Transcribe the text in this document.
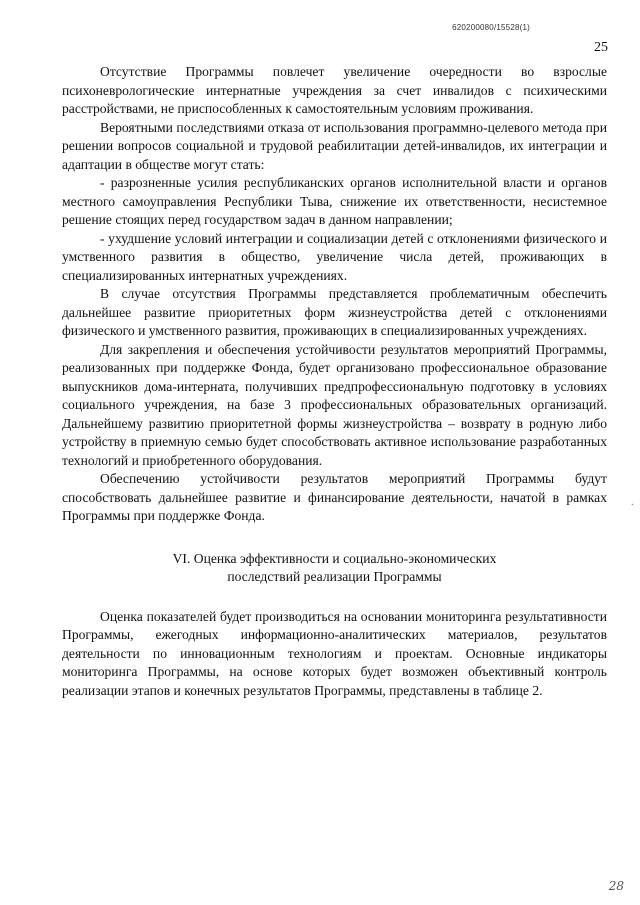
620200080/15528(1)
25

Отсутствие Программы повлечет увеличение очередности во взрослые психоневрологические интернатные учреждения за счет инвалидов с психическими расстройствами, не приспособленных к самостоятельным условиям проживания.

Вероятными последствиями отказа от использования программно-целевого метода при решении вопросов социальной и трудовой реабилитации детей-инвалидов, их интеграции и адаптации в обществе могут стать:

- разрозненные усилия республиканских органов исполнительной власти и органов местного самоуправления Республики Тыва, снижение их ответственности, несистемное решение стоящих перед государством задач в данном направлении;

- ухудшение условий интеграции и социализации детей с отклонениями физического и умственного развития в общество, увеличение числа детей, проживающих в специализированных интернатных учреждениях.

В случае отсутствия Программы представляется проблематичным обеспечить дальнейшее развитие приоритетных форм жизнеустройства детей с отклонениями физического и умственного развития, проживающих в специализированных учреждениях.

Для закрепления и обеспечения устойчивости результатов мероприятий Программы, реализованных при поддержке Фонда, будет организовано профессиональное образование выпускников дома-интерната, получивших предпрофессиональную подготовку в условиях социального учреждения, на базе 3 профессиональных образовательных организаций. Дальнейшему развитию приоритетной формы жизнеустройства – возврату в родную либо устройству в приемную семью будет способствовать активное использование разработанных технологий и приобретенного оборудования.

Обеспечению устойчивости результатов мероприятий Программы будут способствовать дальнейшее развитие и финансирование деятельности, начатой в рамках Программы при поддержке Фонда.

VI. Оценка эффективности и социально-экономических
последствий реализации Программы

Оценка показателей будет производиться на основании мониторинга результативности Программы, ежегодных информационно-аналитических материалов, результатов деятельности по инновационным технологиям и проектам. Основные индикаторы мониторинга Программы, на основе которых будет возможен объективный контроль реализации этапов и конечных результатов Программы, представлены в таблице 2.

·
28
